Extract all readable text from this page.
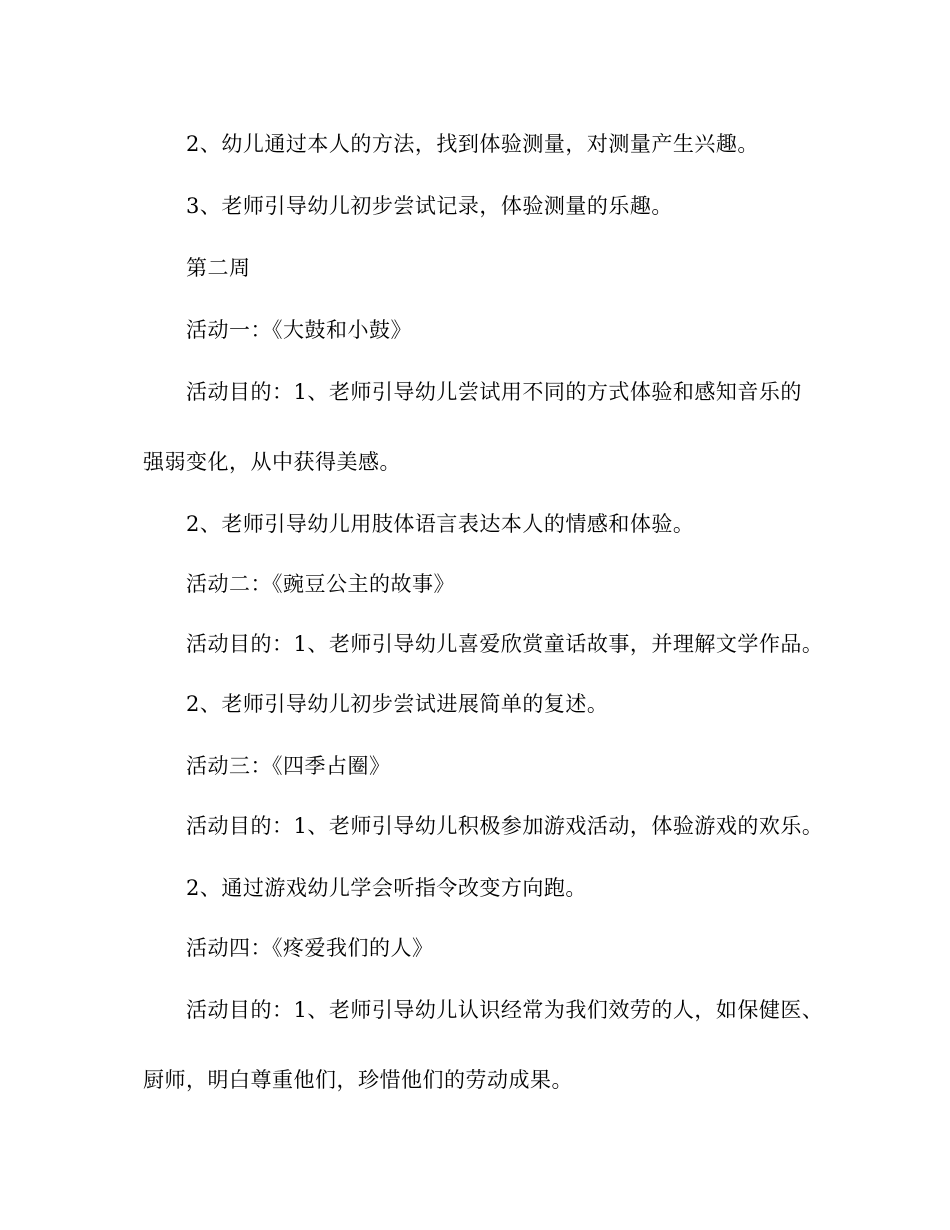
2、幼儿通过本人的方法，找到体验测量，对测量产生兴趣。
3、老师引导幼儿初步尝试记录，体验测量的乐趣。
第二周
活动一：《大鼓和小鼓》
活动目的：1、老师引导幼儿尝试用不同的方式体验和感知音乐的
强弱变化，从中获得美感。
2、老师引导幼儿用肢体语言表达本人的情感和体验。
活动二：《豌豆公主的故事》
活动目的：1、老师引导幼儿喜爱欣赏童话故事，并理解文学作品。
2、老师引导幼儿初步尝试进展简单的复述。
活动三：《四季占圈》
活动目的：1、老师引导幼儿积极参加游戏活动，体验游戏的欢乐。
2、通过游戏幼儿学会听指令改变方向跑。
活动四：《疼爱我们的人》
活动目的：1、老师引导幼儿认识经常为我们效劳的人，如保健医、
厨师，明白尊重他们，珍惜他们的劳动成果。
